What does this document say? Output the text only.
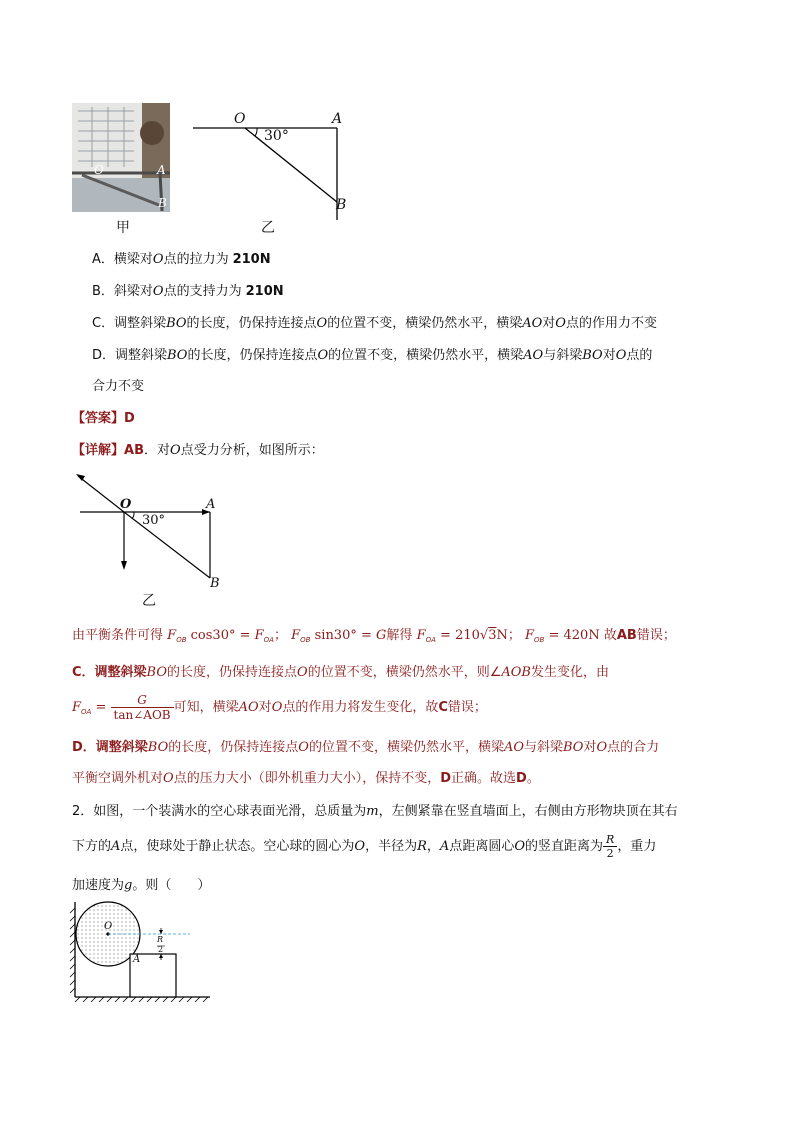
O	A
B
甲
O	A
B
30°
乙
A．横梁对O点的拉力为 210N
B．斜梁对O点的支持力为 210N
C．调整斜梁BO的长度，仍保持连接点O的位置不变，横梁仍然水平，横梁AO对O点的作用力不变
D．调整斜梁BO的长度，仍保持连接点O的位置不变，横梁仍然水平，横梁AO与斜梁BO对O点的
合力不变
【答案】D
【详解】AB．对O点受力分析，如图所示：
O	A
B
30°
乙
由平衡条件可得 $F_{OB}$ $\cos 30^\circ = F_{OA}$； $F_{OB}$ sin30° = G解得 $F_{OA} = 210√3N$； $F_{OB} = 420N$ 故AB错误；
C．调整斜梁BO的长度，仍保持连接点O的位置不变，横梁仍然水平，则∠AOB发生变化，由
$F_{OA} = \frac{G}{\text{tan∠AOB}}$ 可知，横梁AO对O点的作用力将发生变化，故C错误；
D．调整斜梁BO的长度，仍保持连接点O的位置不变，横梁仍然水平，横梁AO与斜梁BO对O点的合力
平衡空调外机对O点的压力大小（即外机重力大小），保持不变，D正确。故选D。
2．如图，一个装满水的空心球表面光滑，总质量为m，左侧紧靠在竖直墙面上，右侧由方形物块顶在其右
下方的A点，使球处于静止状态。空心球的圆心为O，半径为R，A点距离圆心O的竖直距离为 $\frac{R}{2}$ ，重力
加速度为g。则（　　）
O
A
R
2
